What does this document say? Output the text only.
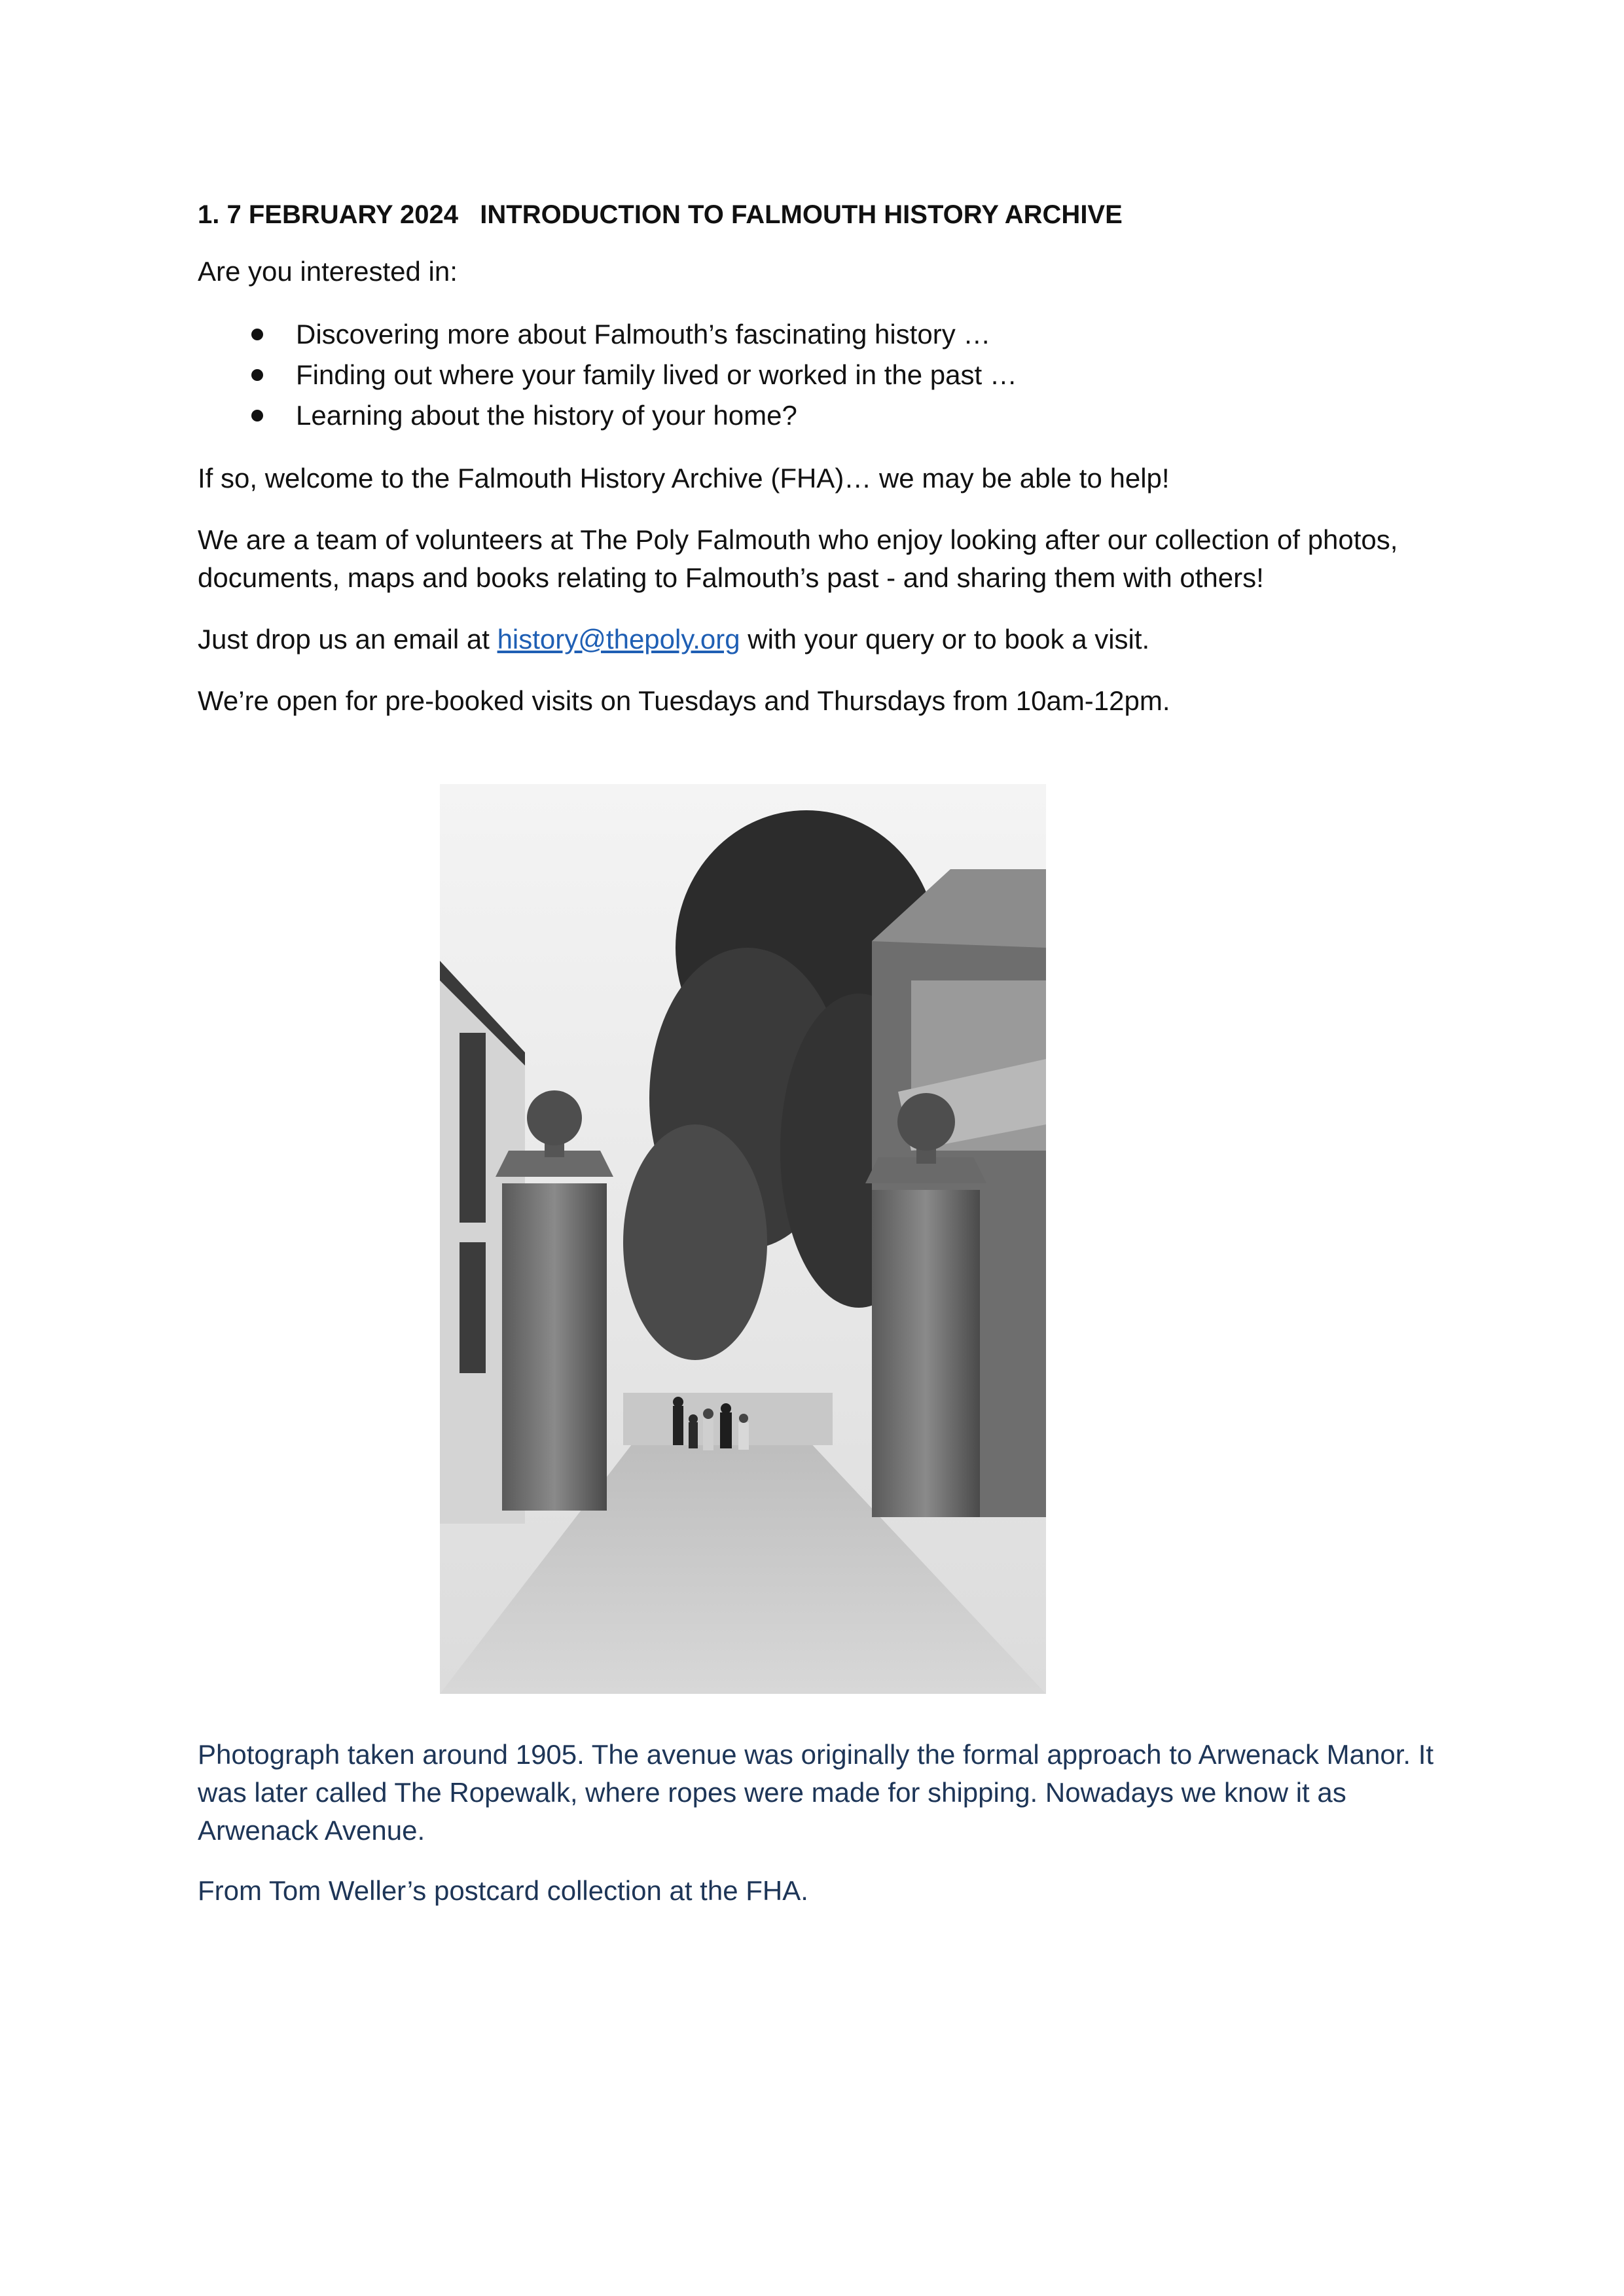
1. 7 FEBRUARY 2024   INTRODUCTION TO FALMOUTH HISTORY ARCHIVE

Are you interested in:

Discovering more about Falmouth’s fascinating history …
Finding out where your family lived or worked in the past …
Learning about the history of your home?

If so, welcome to the Falmouth History Archive (FHA)… we may be able to help!

We are a team of volunteers at The Poly Falmouth who enjoy looking after our collection of photos, documents, maps and books relating to Falmouth’s past - and sharing them with others!

Just drop us an email at history@thepoly.org with your query or to book a visit.

We’re open for pre-booked visits on Tuesdays and Thursdays from 10am-12pm.

Photograph taken around 1905. The avenue was originally the formal approach to Arwenack Manor. It was later called The Ropewalk, where ropes were made for shipping. Nowadays we know it as Arwenack Avenue.

From Tom Weller’s postcard collection at the FHA.
